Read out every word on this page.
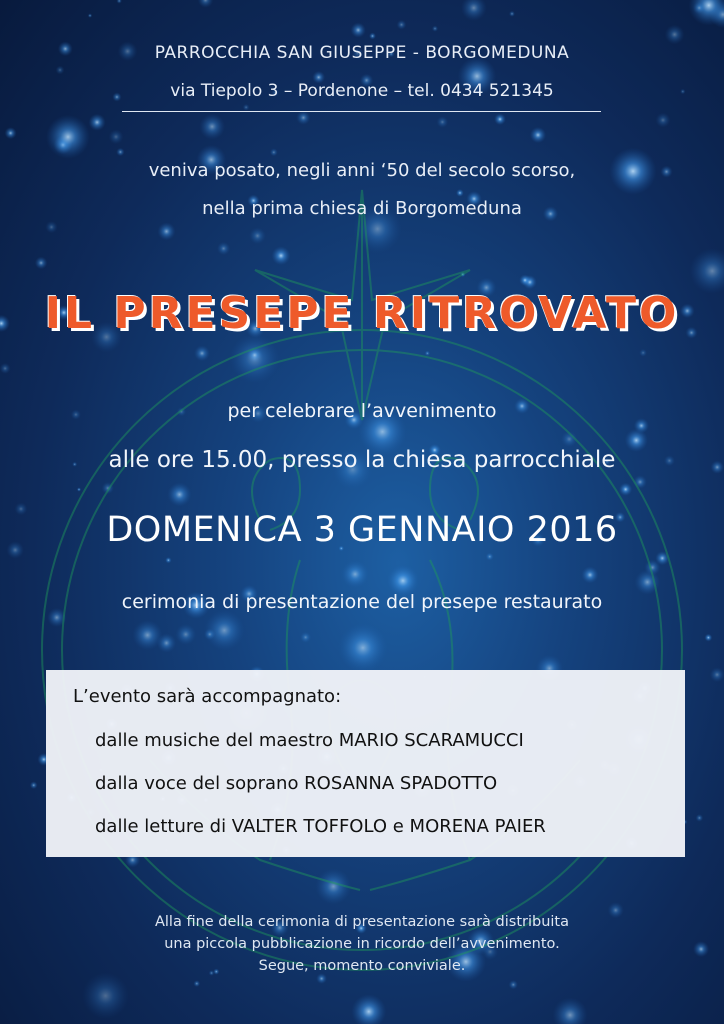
PARROCCHIA SAN GIUSEPPE - BORGOMEDUNA
via Tiepolo 3 – Pordenone – tel. 0434 521345
veniva posato, negli anni ‘50 del secolo scorso,
nella prima chiesa di Borgomeduna
IL PRESEPE RITROVATO
per celebrare l’avvenimento
alle ore 15.00, presso la chiesa parrocchiale
DOMENICA 3 GENNAIO 2016
cerimonia di presentazione del presepe restaurato
L’evento sarà accompagnato:
dalle musiche del maestro MARIO SCARAMUCCI
dalla voce del soprano ROSANNA SPADOTTO
dalle letture di VALTER TOFFOLO e MORENA PAIER
Alla fine della cerimonia di presentazione sarà distribuita
una piccola pubblicazione in ricordo dell’avvenimento.
Segue, momento conviviale.
